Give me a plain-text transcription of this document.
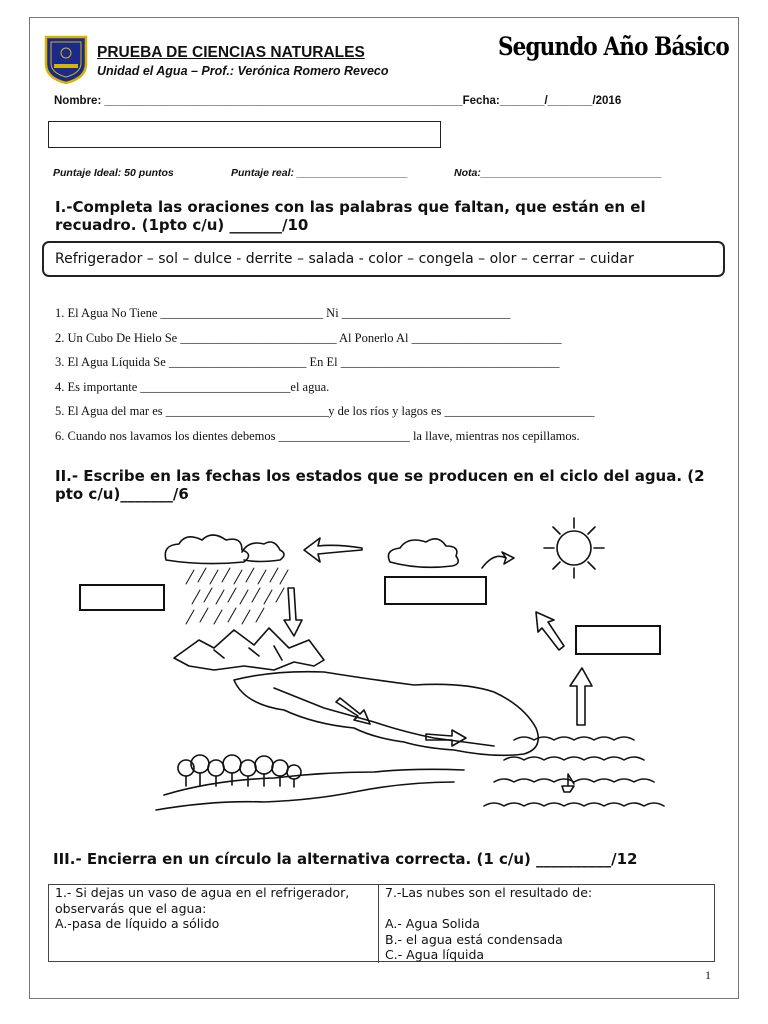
PRUEBA DE CIENCIAS NATURALES
Unidad el Agua – Prof.: Verónica Romero Reveco
Segundo Año Básico
Nombre: ________________________________________________________Fecha:_______/_______/2016
Puntaje Ideal: 50 puntos	Puntaje real: ___________________	Nota:_______________________________
I.-Completa las oraciones con las palabras que faltan, que están en el recuadro. (1pto c/u) _______/10
Refrigerador – sol – dulce - derrite – salada - color – congela – olor – cerrar – cuidar
1. El Agua No Tiene __________________________ Ni ___________________________
2. Un Cubo De Hielo Se _________________________ Al Ponerlo Al ________________________
3. El Agua Líquida Se ______________________ En El ___________________________________
4. Es importante ________________________el agua.
5. El Agua del mar es __________________________y de los ríos y lagos es ________________________
6. Cuando nos lavamos los dientes debemos _____________________ la llave, mientras nos cepillamos.
II.- Escribe en las fechas los estados que se producen en el ciclo del agua. (2 pto c/u)_______/6
III.- Encierra en un círculo la alternativa correcta. (1 c/u) __________/12
1.- Si dejas un vaso de agua en el refrigerador, observarás que el agua:
A.-pasa de líquido a sólido
7.-Las nubes son el resultado de:
A.- Agua Solida
B.- el agua está condensada
C.- Agua líquida
1
